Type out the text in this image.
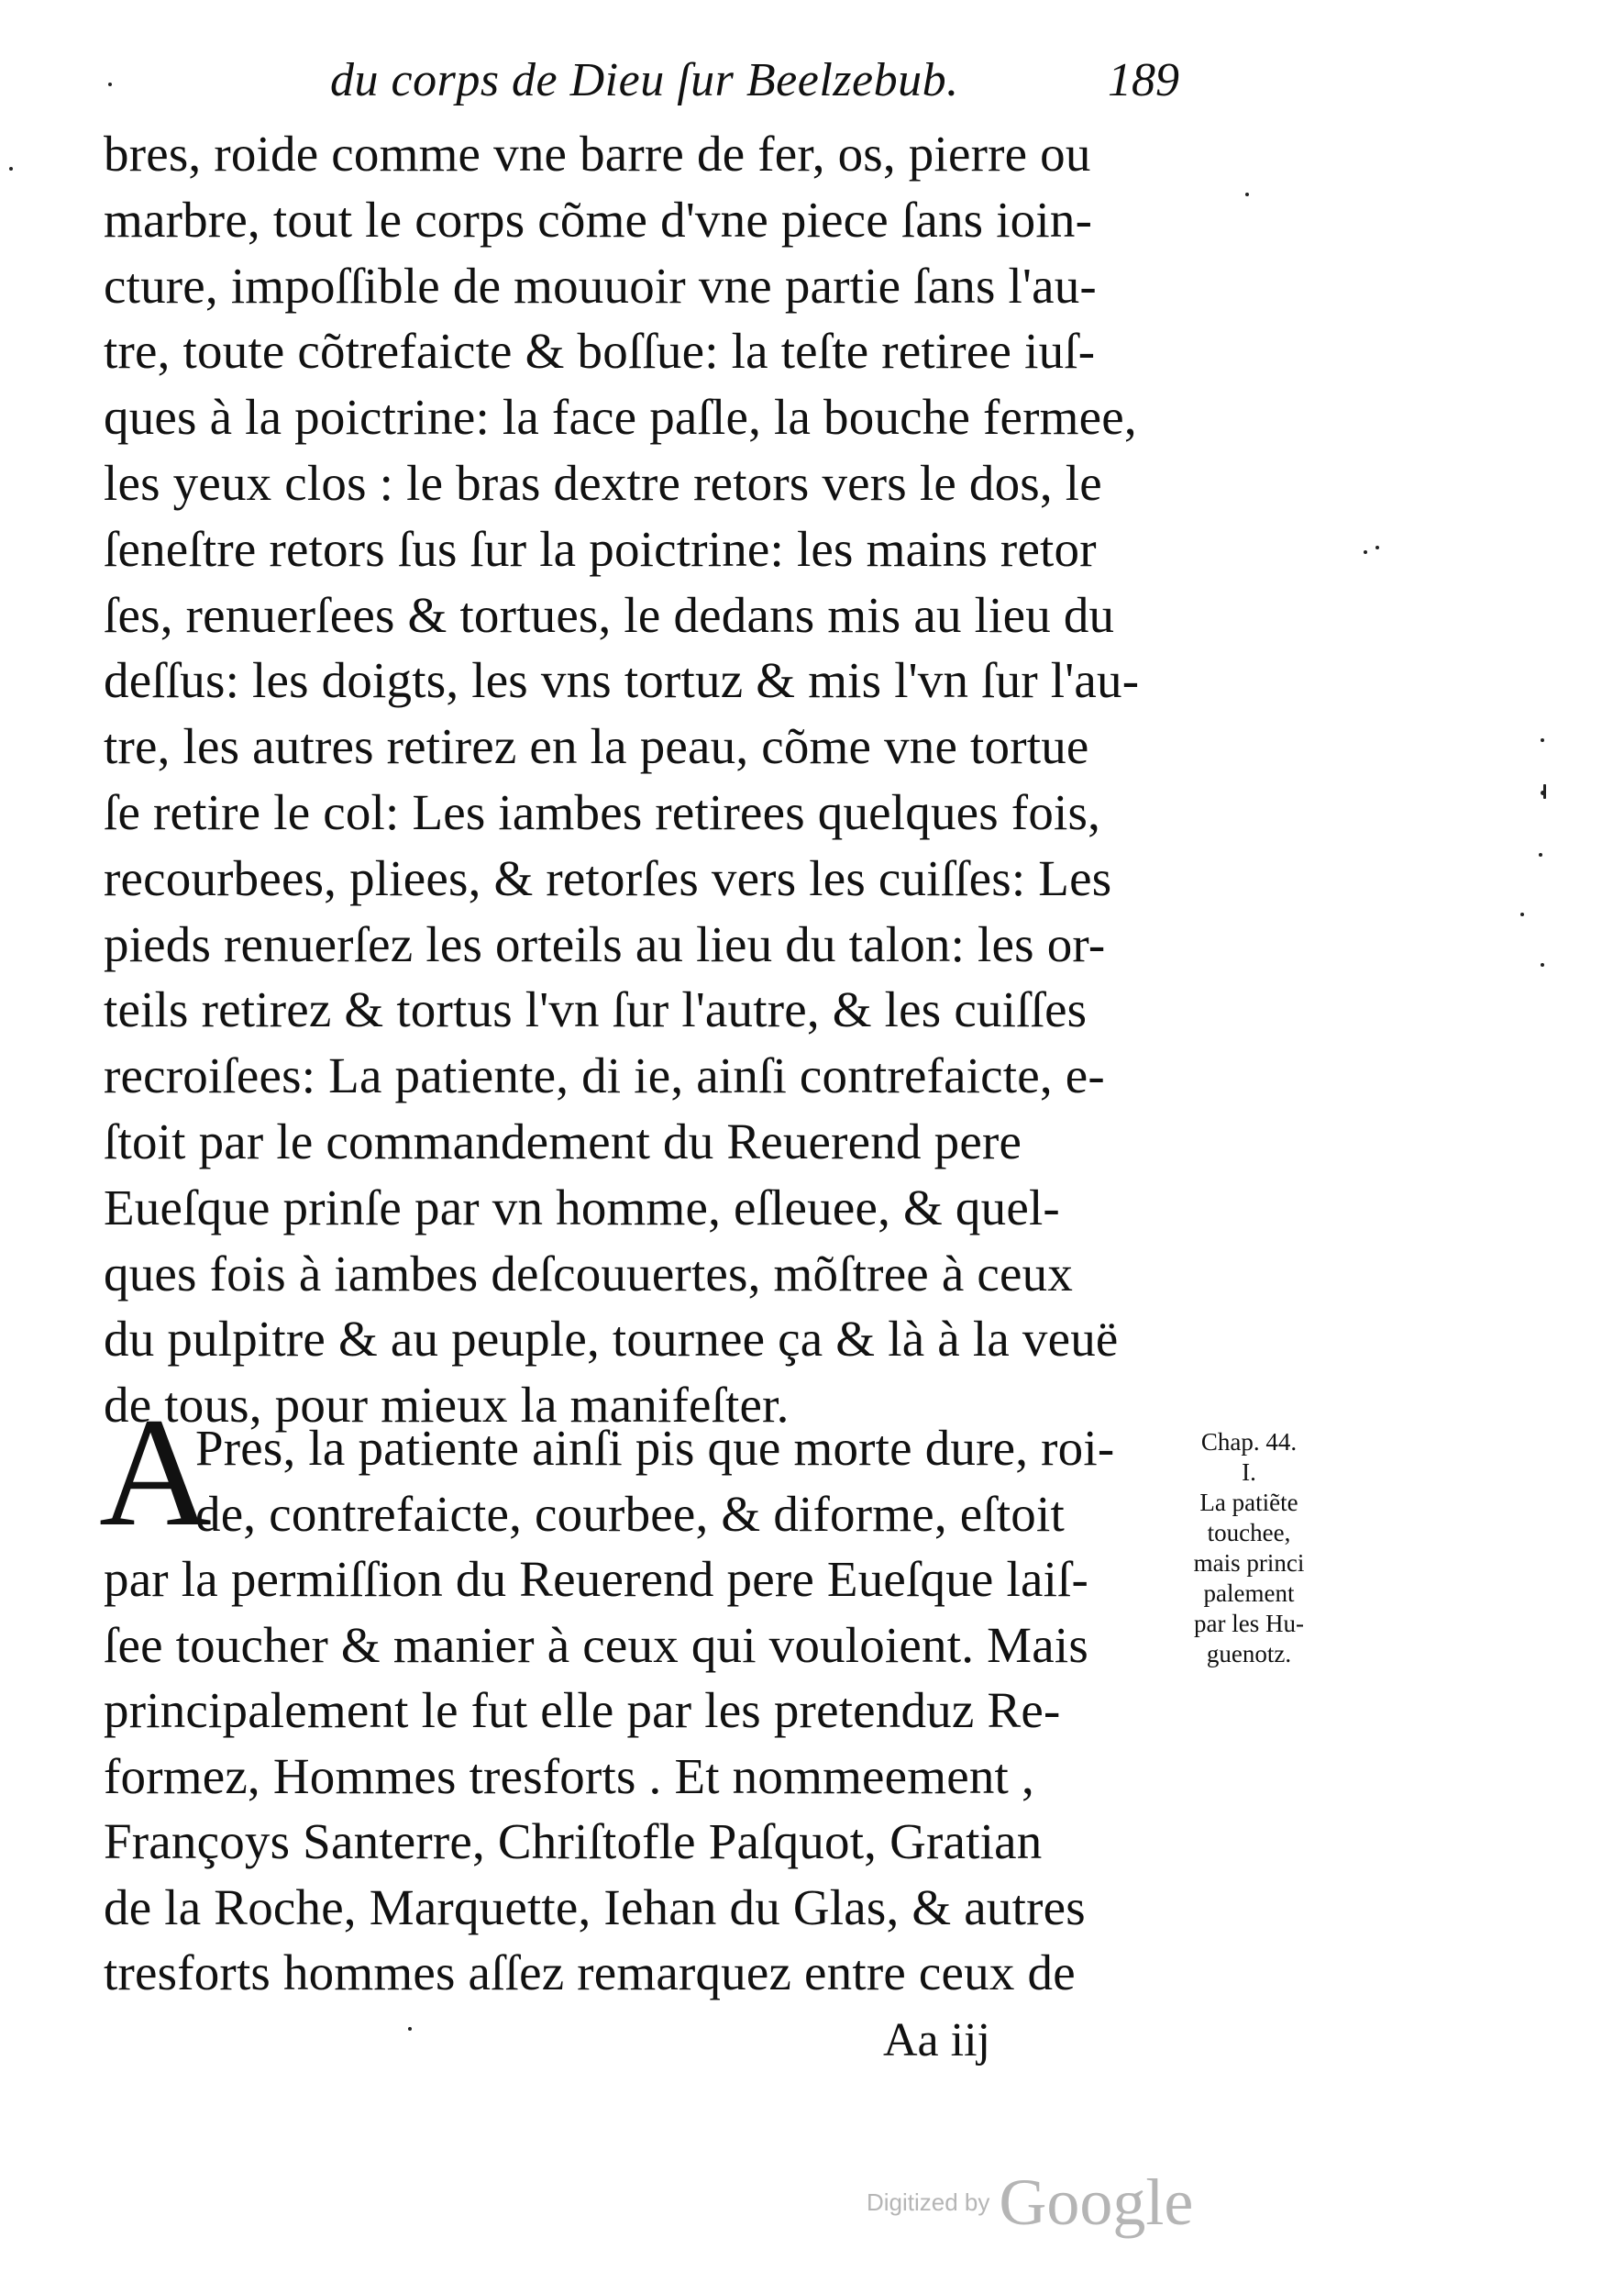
du corps de Dieu ſur Beelzebub.	189
bres, roide comme vne barre de fer, os, pierre ou
marbre, tout le corps cõme d'vne piece ſans ioin-
cture, impoſſible de mouuoir vne partie ſans l'au-
tre, toute cõtrefaicte & boſſue: la teſte retiree iuſ-
ques à la poictrine: la face paſle, la bouche fermee,
les yeux clos : le bras dextre retors vers le dos, le
ſeneſtre retors ſus ſur la poictrine: les mains retor
ſes, renuerſees & tortues, le dedans mis au lieu du
deſſus: les doigts, les vns tortuz & mis l'vn ſur l'au-
tre, les autres retirez en la peau, cõme vne tortue
ſe retire le col: Les iambes retirees quelques fois,
recourbees, pliees, & retorſes vers les cuiſſes: Les
pieds renuerſez les orteils au lieu du talon: les or-
teils retirez & tortus l'vn ſur l'autre, & les cuiſſes
recroiſees: La patiente, di ie, ainſi contrefaicte, e-
ſtoit par le commandement du Reuerend pere
Eueſque prinſe par vn homme, eſleuee, & quel-
ques fois à iambes deſcouuertes, mõſtree à ceux
du pulpitre & au peuple, tournee ça & là à la veuë
de tous, pour mieux la manifeſter.
A
Pres, la patiente ainſi pis que morte dure, roi-
de, contrefaicte, courbee, & diforme, eſtoit
par la permiſſion du Reuerend pere Eueſque laiſ-
ſee toucher & manier à ceux qui vouloient. Mais
principalement le fut elle par les pretenduz Re-
formez, Hommes tresforts . Et nommeement ,
Françoys Santerre, Chriſtofle Paſquot, Gratian
de la Roche, Marquette, Iehan du Glas, & autres
tresforts hommes aſſez remarquez entre ceux de
Chap. 44.
I.
La patiẽte
touchee,
mais princi
palement
par les Hu-
guenotz.
Aa iij
Digitized by Google
